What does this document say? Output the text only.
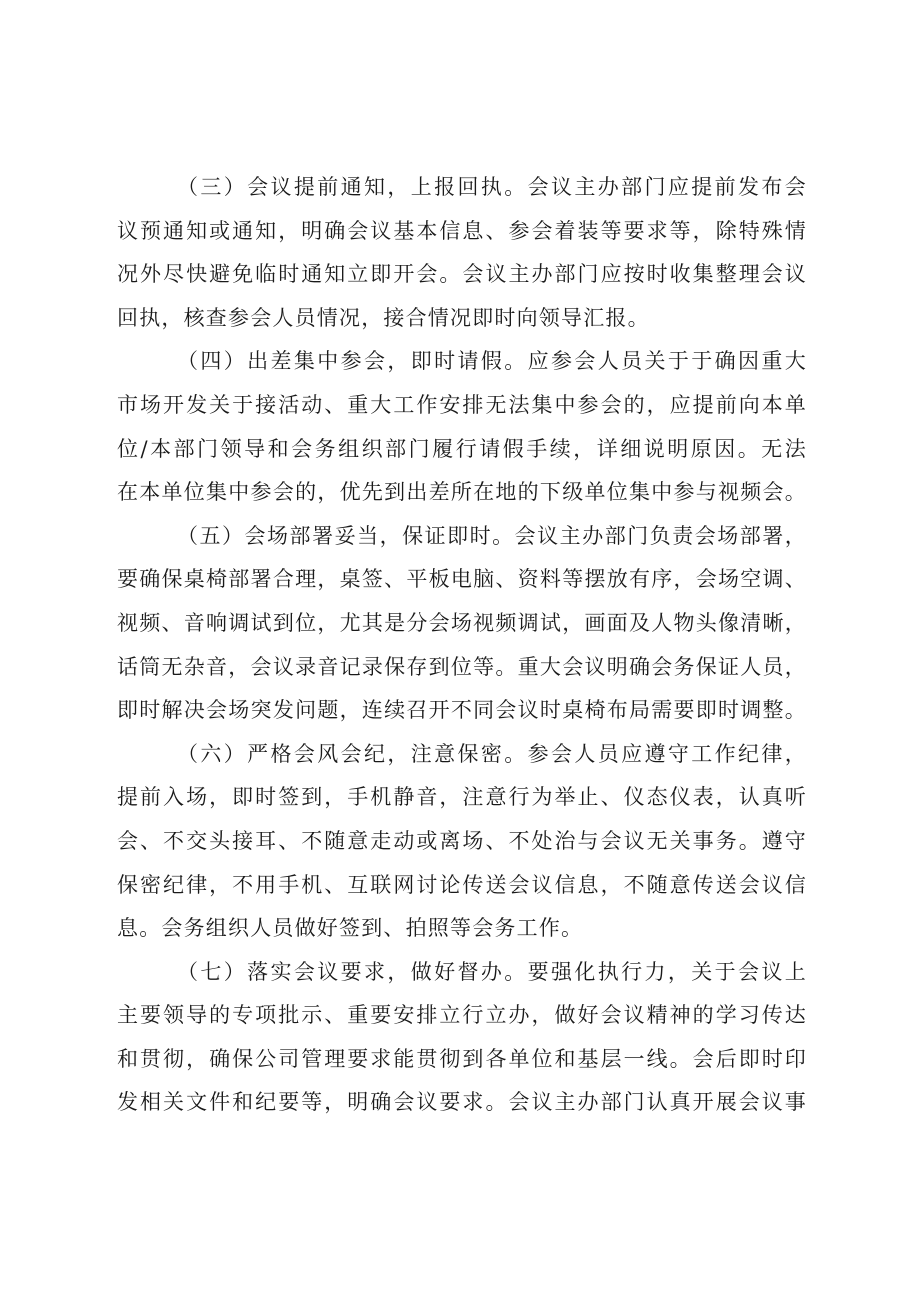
（三）会议提前通知，上报回执。会议主办部门应提前发布会
议预通知或通知，明确会议基本信息、参会着装等要求等，除特殊情
况外尽快避免临时通知立即开会。会议主办部门应按时收集整理会议
回执，核查参会人员情况，接合情况即时向领导汇报。
（四）出差集中参会，即时请假。应参会人员关于于确因重大
市场开发关于接活动、重大工作安排无法集中参会的，应提前向本单
位/本部门领导和会务组织部门履行请假手续，详细说明原因。无法
在本单位集中参会的，优先到出差所在地的下级单位集中参与视频会。
（五）会场部署妥当，保证即时。会议主办部门负责会场部署，
要确保桌椅部署合理，桌签、平板电脑、资料等摆放有序，会场空调、
视频、音响调试到位，尤其是分会场视频调试，画面及人物头像清晰，
话筒无杂音，会议录音记录保存到位等。重大会议明确会务保证人员，
即时解决会场突发问题，连续召开不同会议时桌椅布局需要即时调整。
（六）严格会风会纪，注意保密。参会人员应遵守工作纪律，
提前入场，即时签到，手机静音，注意行为举止、仪态仪表，认真听
会、不交头接耳、不随意走动或离场、不处治与会议无关事务。遵守
保密纪律，不用手机、互联网讨论传送会议信息，不随意传送会议信
息。会务组织人员做好签到、拍照等会务工作。
（七）落实会议要求，做好督办。要强化执行力，关于会议上
主要领导的专项批示、重要安排立行立办，做好会议精神的学习传达
和贯彻，确保公司管理要求能贯彻到各单位和基层一线。会后即时印
发相关文件和纪要等，明确会议要求。会议主办部门认真开展会议事
